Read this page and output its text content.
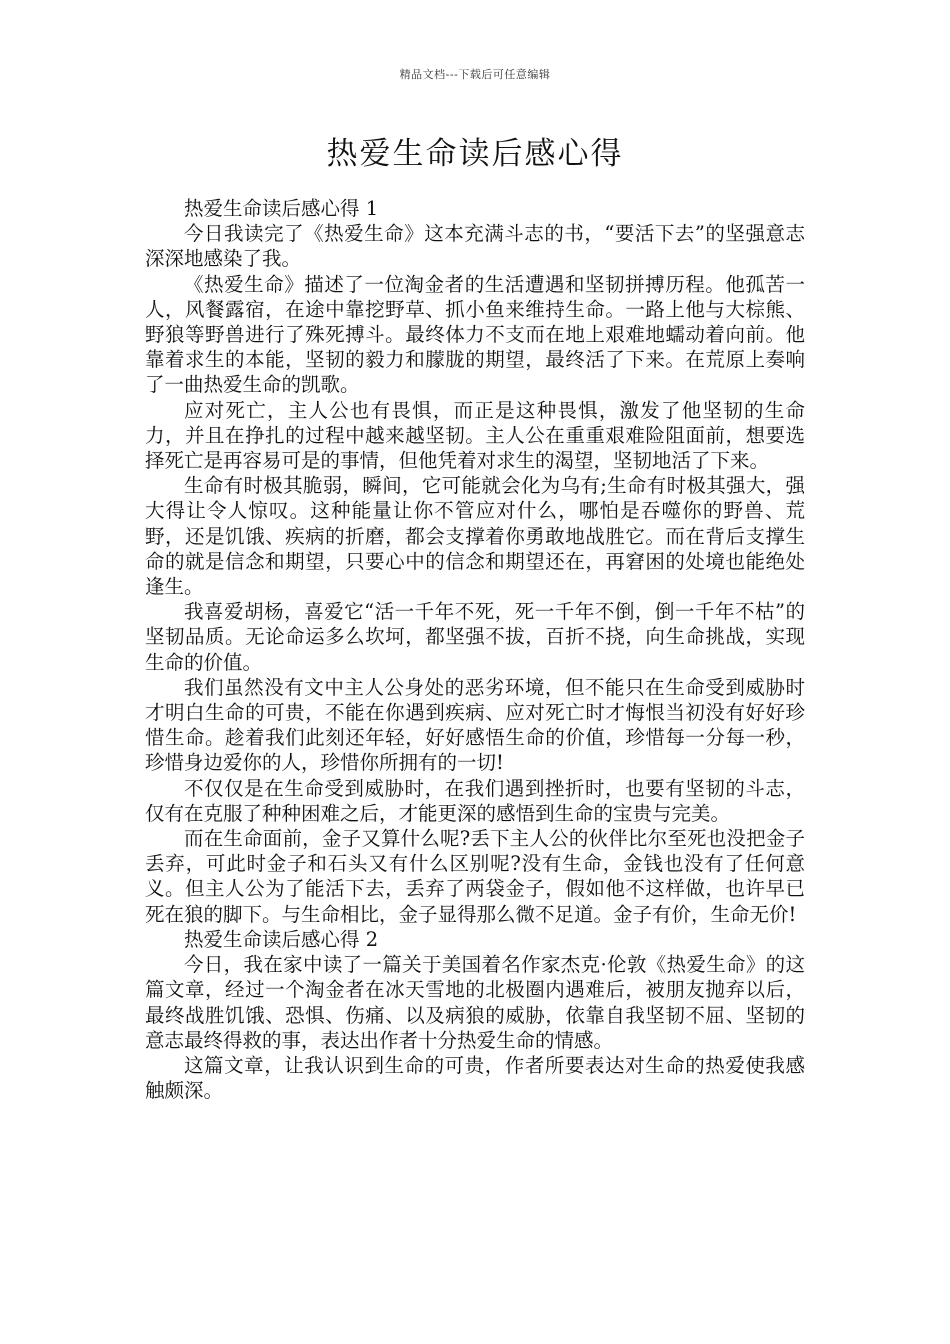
精品文档---下载后可任意编辑
热爱生命读后感心得

热爱生命读后感心得 1

今日我读完了《热爱生命》这本充满斗志的书，“要活下去”的坚强意志深深地感染了我。

《热爱生命》描述了一位淘金者的生活遭遇和坚韧拼搏历程。他孤苦一人，风餐露宿，在途中靠挖野草、抓小鱼来维持生命。一路上他与大棕熊、野狼等野兽进行了殊死搏斗。最终体力不支而在地上艰难地蠕动着向前。他靠着求生的本能，坚韧的毅力和朦胧的期望，最终活了下来。在荒原上奏响了一曲热爱生命的凯歌。

应对死亡，主人公也有畏惧，而正是这种畏惧，激发了他坚韧的生命力，并且在挣扎的过程中越来越坚韧。主人公在重重艰难险阻面前，想要选择死亡是再容易可是的事情，但他凭着对求生的渴望，坚韧地活了下来。

生命有时极其脆弱，瞬间，它可能就会化为乌有;生命有时极其强大，强大得让令人惊叹。这种能量让你不管应对什么，哪怕是吞噬你的野兽、荒野，还是饥饿、疾病的折磨，都会支撑着你勇敢地战胜它。而在背后支撑生命的就是信念和期望，只要心中的信念和期望还在，再窘困的处境也能绝处逢生。

我喜爱胡杨，喜爱它“活一千年不死，死一千年不倒，倒一千年不枯”的坚韧品质。无论命运多么坎坷，都坚强不拔，百折不挠，向生命挑战，实现生命的价值。

我们虽然没有文中主人公身处的恶劣环境，但不能只在生命受到威胁时才明白生命的可贵，不能在你遇到疾病、应对死亡时才悔恨当初没有好好珍惜生命。趁着我们此刻还年轻，好好感悟生命的价值，珍惜每一分每一秒，珍惜身边爱你的人，珍惜你所拥有的一切!

不仅仅是在生命受到威胁时，在我们遇到挫折时，也要有坚韧的斗志，仅有在克服了种种困难之后，才能更深的感悟到生命的宝贵与完美。

而在生命面前，金子又算什么呢?丢下主人公的伙伴比尔至死也没把金子丢弃，可此时金子和石头又有什么区别呢?没有生命，金钱也没有了任何意义。但主人公为了能活下去，丢弃了两袋金子，假如他不这样做，也许早已死在狼的脚下。与生命相比，金子显得那么微不足道。金子有价，生命无价!

热爱生命读后感心得 2

今日，我在家中读了一篇关于美国着名作家杰克·伦敦《热爱生命》的这篇文章，经过一个淘金者在冰天雪地的北极圈内遇难后，被朋友抛弃以后，最终战胜饥饿、恐惧、伤痛、以及病狼的威胁，依靠自我坚韧不屈、坚韧的意志最终得救的事，表达出作者十分热爱生命的情感。

这篇文章，让我认识到生命的可贵，作者所要表达对生命的热爱使我感触颇深。
